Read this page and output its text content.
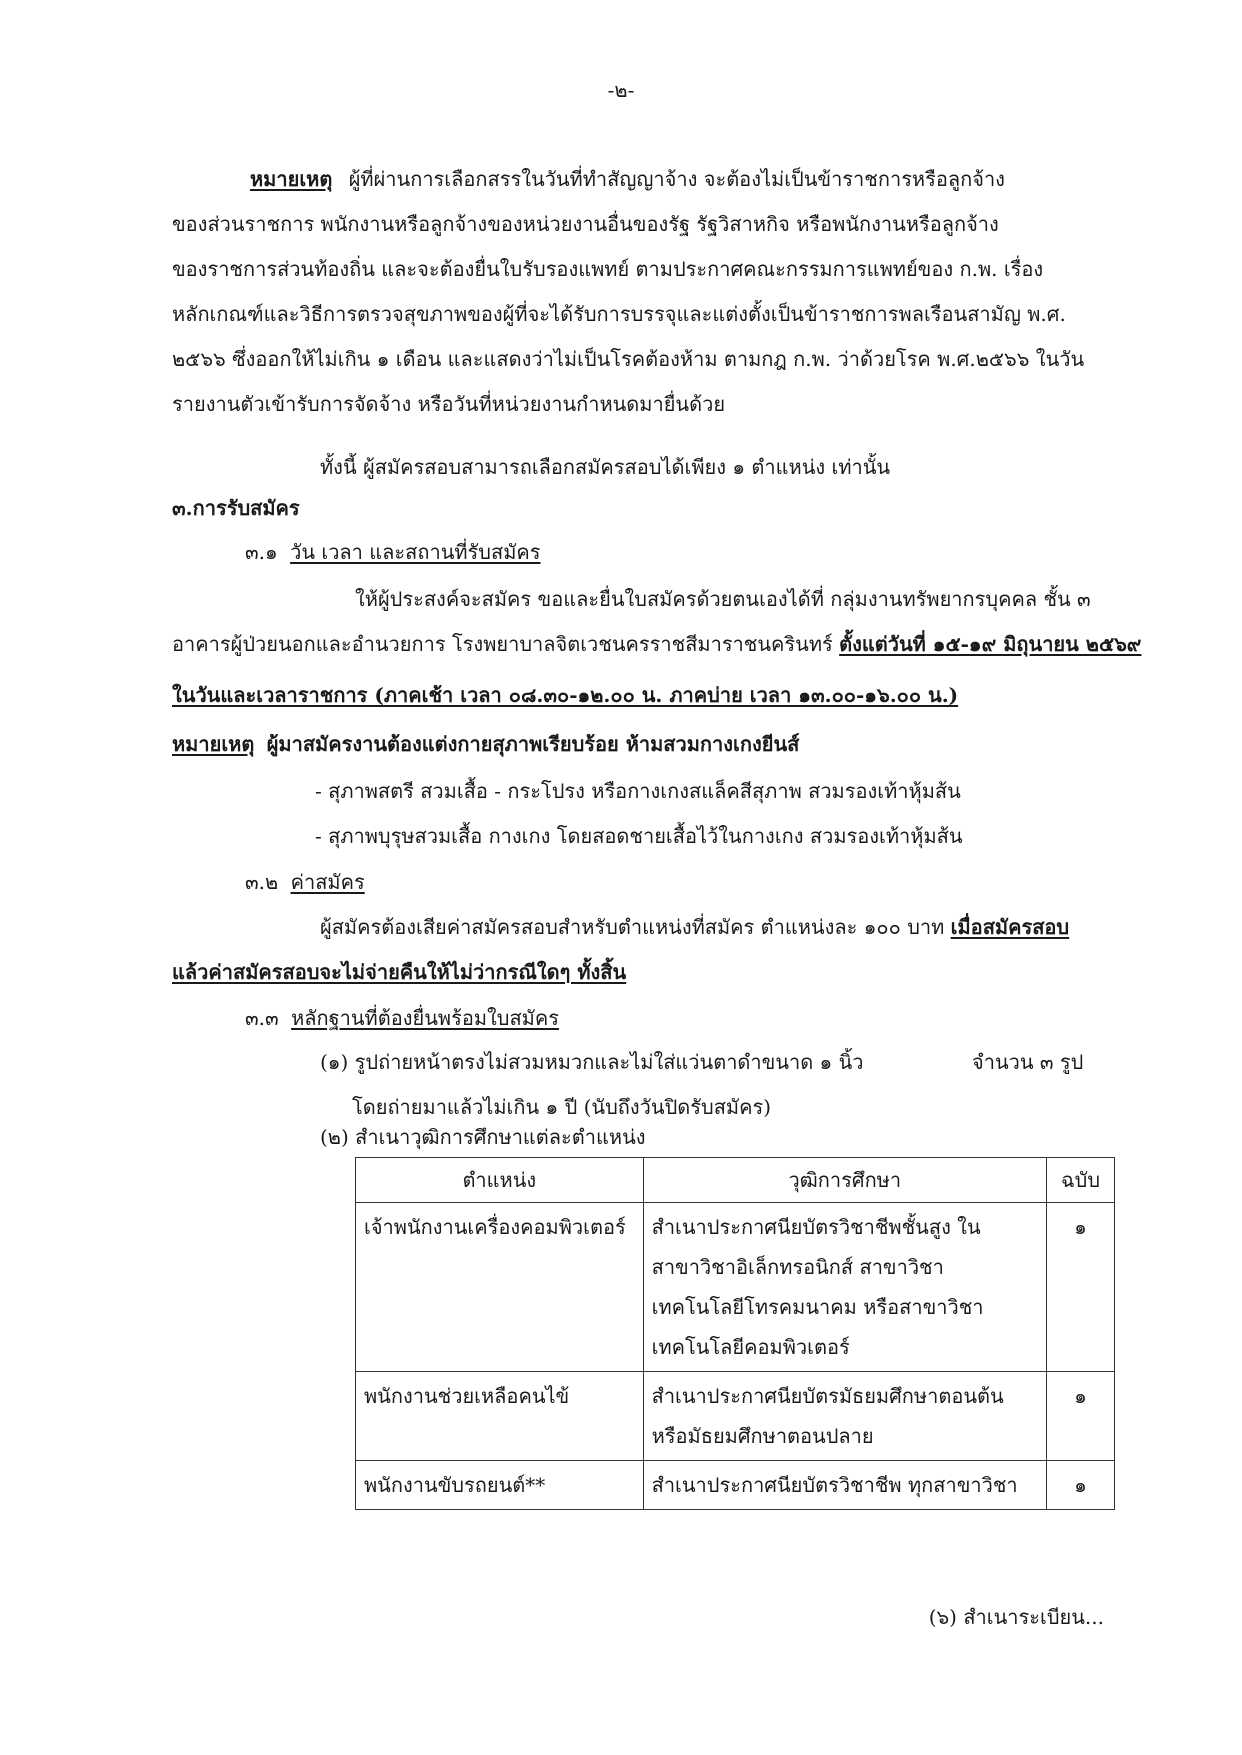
-๒-
หมายเหตุ ผู้ที่ผ่านการเลือกสรรในวันที่ทำสัญญาจ้าง จะต้องไม่เป็นข้าราชการหรือลูกจ้าง
ของส่วนราชการ พนักงานหรือลูกจ้างของหน่วยงานอื่นของรัฐ รัฐวิสาหกิจ หรือพนักงานหรือลูกจ้าง
ของราชการส่วนท้องถิ่น และจะต้องยื่นใบรับรองแพทย์ ตามประกาศคณะกรรมการแพทย์ของ ก.พ. เรื่อง
หลักเกณฑ์และวิธีการตรวจสุขภาพของผู้ที่จะได้รับการบรรจุและแต่งตั้งเป็นข้าราชการพลเรือนสามัญ พ.ศ.
๒๕๖๖ ซึ่งออกให้ไม่เกิน ๑ เดือน และแสดงว่าไม่เป็นโรคต้องห้าม ตามกฎ ก.พ. ว่าด้วยโรค พ.ศ.๒๕๖๖ ในวัน
รายงานตัวเข้ารับการจัดจ้าง หรือวันที่หน่วยงานกำหนดมายื่นด้วย
ทั้งนี้ ผู้สมัครสอบสามารถเลือกสมัครสอบได้เพียง ๑ ตำแหน่ง เท่านั้น
๓.การรับสมัคร
๓.๑ วัน เวลา และสถานที่รับสมัคร
ให้ผู้ประสงค์จะสมัคร ขอและยื่นใบสมัครด้วยตนเองได้ที่ กลุ่มงานทรัพยากรบุคคล ชั้น ๓
อาคารผู้ป่วยนอกและอำนวยการ โรงพยาบาลจิตเวชนครราชสีมาราชนครินทร์ ตั้งแต่วันที่ ๑๕-๑๙ มิถุนายน ๒๕๖๙
ในวันและเวลาราชการ (ภาคเช้า เวลา ๐๘.๓๐-๑๒.๐๐ น. ภาคบ่าย เวลา ๑๓.๐๐-๑๖.๐๐ น.)
หมายเหตุ ผู้มาสมัครงานต้องแต่งกายสุภาพเรียบร้อย ห้ามสวมกางเกงยีนส์
- สุภาพสตรี สวมเสื้อ - กระโปรง หรือกางเกงสแล็คสีสุภาพ สวมรองเท้าหุ้มส้น
- สุภาพบุรุษสวมเสื้อ กางเกง โดยสอดชายเสื้อไว้ในกางเกง สวมรองเท้าหุ้มส้น
๓.๒ ค่าสมัคร
ผู้สมัครต้องเสียค่าสมัครสอบสำหรับตำแหน่งที่สมัคร ตำแหน่งละ ๑๐๐ บาท เมื่อสมัครสอบ
แล้วค่าสมัครสอบจะไม่จ่ายคืนให้ไม่ว่ากรณีใดๆ ทั้งสิ้น
๓.๓ หลักฐานที่ต้องยื่นพร้อมใบสมัคร
(๑) รูปถ่ายหน้าตรงไม่สวมหมวกและไม่ใส่แว่นตาดำขนาด ๑ นิ้ว	จำนวน ๓ รูป
โดยถ่ายมาแล้วไม่เกิน ๑ ปี (นับถึงวันปิดรับสมัคร)
(๒) สำเนาวุฒิการศึกษาแต่ละตำแหน่ง
ตำแหน่ง	วุฒิการศึกษา	ฉบับ
เจ้าพนักงานเครื่องคอมพิวเตอร์	สำเนาประกาศนียบัตรวิชาชีพชั้นสูง ใน
สาขาวิชาอิเล็กทรอนิกส์ สาขาวิชา
เทคโนโลยีโทรคมนาคม หรือสาขาวิชา
เทคโนโลยีคอมพิวเตอร์	๑
พนักงานช่วยเหลือคนไข้	สำเนาประกาศนียบัตรมัธยมศึกษาตอนต้น
หรือมัธยมศึกษาตอนปลาย	๑
พนักงานขับรถยนต์**	สำเนาประกาศนียบัตรวิชาชีพ ทุกสาขาวิชา	๑
(๖) สำเนาระเบียน...
